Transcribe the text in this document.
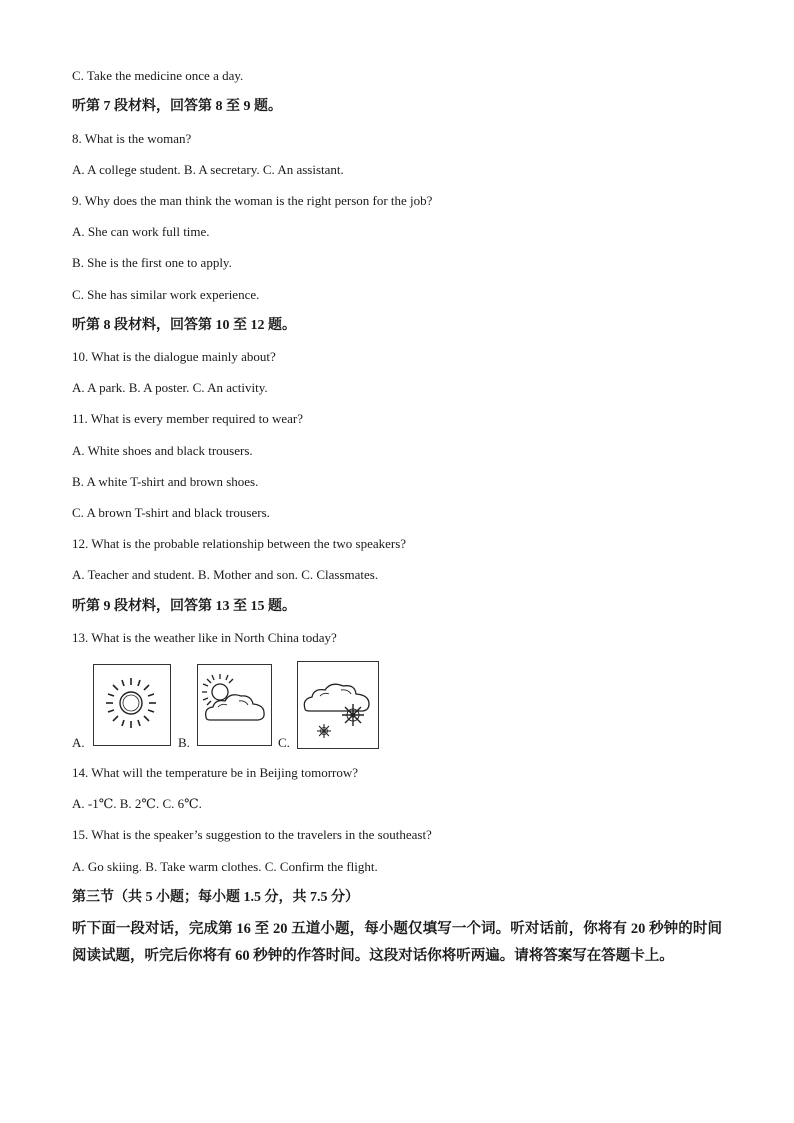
C. Take the medicine once a day.
听第 7 段材料，回答第 8 至 9 题。
8. What is the woman?
A. A college student. B. A secretary. C. An assistant.
9. Why does the man think the woman is the right person for the job?
A. She can work full time.
B. She is the first one to apply.
C. She has similar work experience.
听第 8 段材料，回答第 10 至 12 题。
10. What is the dialogue mainly about?
A. A park. B. A poster. C. An activity.
11. What is every member required to wear?
A. White shoes and black trousers.
B. A white T-shirt and brown shoes.
C. A brown T-shirt and black trousers.
12. What is the probable relationship between the two speakers?
A. Teacher and student. B. Mother and son. C. Classmates.
听第 9 段材料，回答第 13 至 15 题。
13. What is the weather like in North China today?
A.	B.	C.
14. What will the temperature be in Beijing tomorrow?
A. -1℃. B. 2℃. C. 6℃.
15. What is the speaker’s suggestion to the travelers in the southeast?
A. Go skiing. B. Take warm clothes. C. Confirm the flight.
第三节（共 5 小题；每小题 1.5 分，共 7.5 分）
听下面一段对话，完成第 16 至 20 五道小题，每小题仅填写一个词。听对话前，你将有 20 秒钟的时间阅读试题，听完后你将有 60 秒钟的作答时间。这段对话你将听两遍。请将答案写在答题卡上。
